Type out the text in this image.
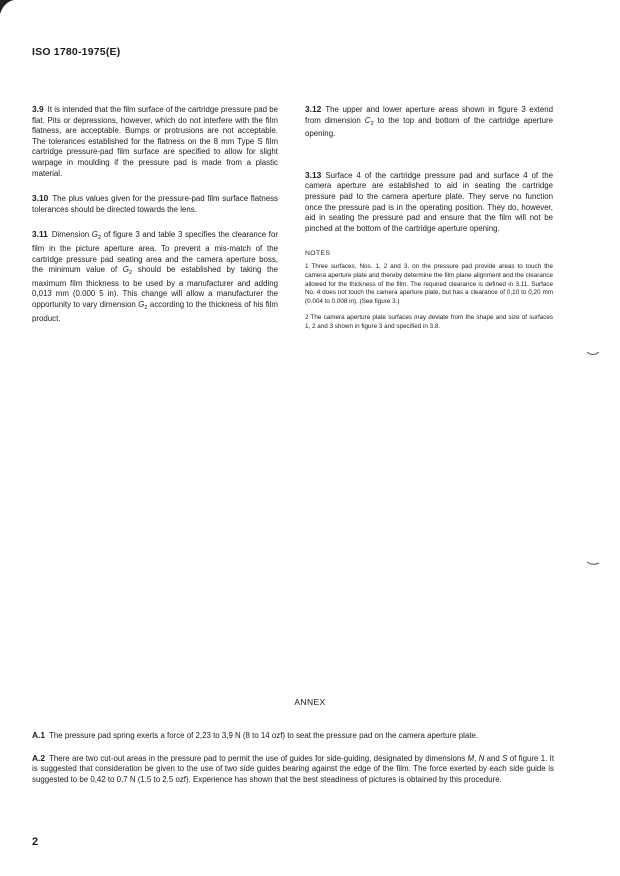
ISO 1780-1975(E)

3.9 It is intended that the film surface of the cartridge pressure pad be flat. Pits or depressions, however, which do not interfere with the film flatness, are acceptable. Bumps or protrusions are not acceptable. The tolerances established for the flatness on the 8 mm Type S film cartridge pressure-pad film surface are specified to allow for slight warpage in moulding if the pressure pad is made from a plastic material.

3.10 The plus values given for the pressure-pad film surface flatness tolerances should be directed towards the lens.

3.11 Dimension $G_2$ of figure 3 and table 3 specifies the clearance for film in the picture aperture area. To prevent a mis-match of the cartridge pressure pad seating area and the camera aperture boss, the minimum value of $G_2$ should be established by taking the maximum film thickness to be used by a manufacturer and adding 0,013 mm (0.000 5 in). This change will allow a manufacturer the opportunity to vary dimension $G_2$ according to the thickness of his film product.

3.12 The upper and lower aperture areas shown in figure 3 extend from dimension $C_2$ to the top and bottom of the cartridge aperture opening.

3.13 Surface 4 of the cartridge pressure pad and surface 4 of the camera aperture are established to aid in seating the cartridge pressure pad to the camera aperture plate. They serve no function once the pressure pad is in the operating position. They do, however, aid in seating the pressure pad and ensure that the film will not be pinched at the bottom of the cartridge aperture opening.

NOTES

1 Three surfaces, Nos. 1, 2 and 3, on the pressure pad provide areas to touch the camera aperture plate and thereby determine the film plane alignment and the clearance allowed for the thickness of the film. The required clearance is defined in 3.11. Surface No. 4 does not touch the camera aperture plate, but has a clearance of 0,10 to 0,20 mm (0.004 to 0.008 in). (See figure 3.)

2 The camera aperture plate surfaces may deviate from the shape and size of surfaces 1, 2 and 3 shown in figure 3 and specified in 3.8.

ANNEX

A.1 The pressure pad spring exerts a force of 2,23 to 3,9 N (8 to 14 ozf) to seat the pressure pad on the camera aperture plate.

A.2 There are two cut-out areas in the pressure pad to permit the use of guides for side-guiding, designated by dimensions M, N and S of figure 1. It is suggested that consideration be given to the use of two side guides bearing against the edge of the film. The force exerted by each side guide is suggested to be 0,42 to 0,7 N (1.5 to 2.5 ozf). Experience has shown that the best steadiness of pictures is obtained by this procedure.

2
